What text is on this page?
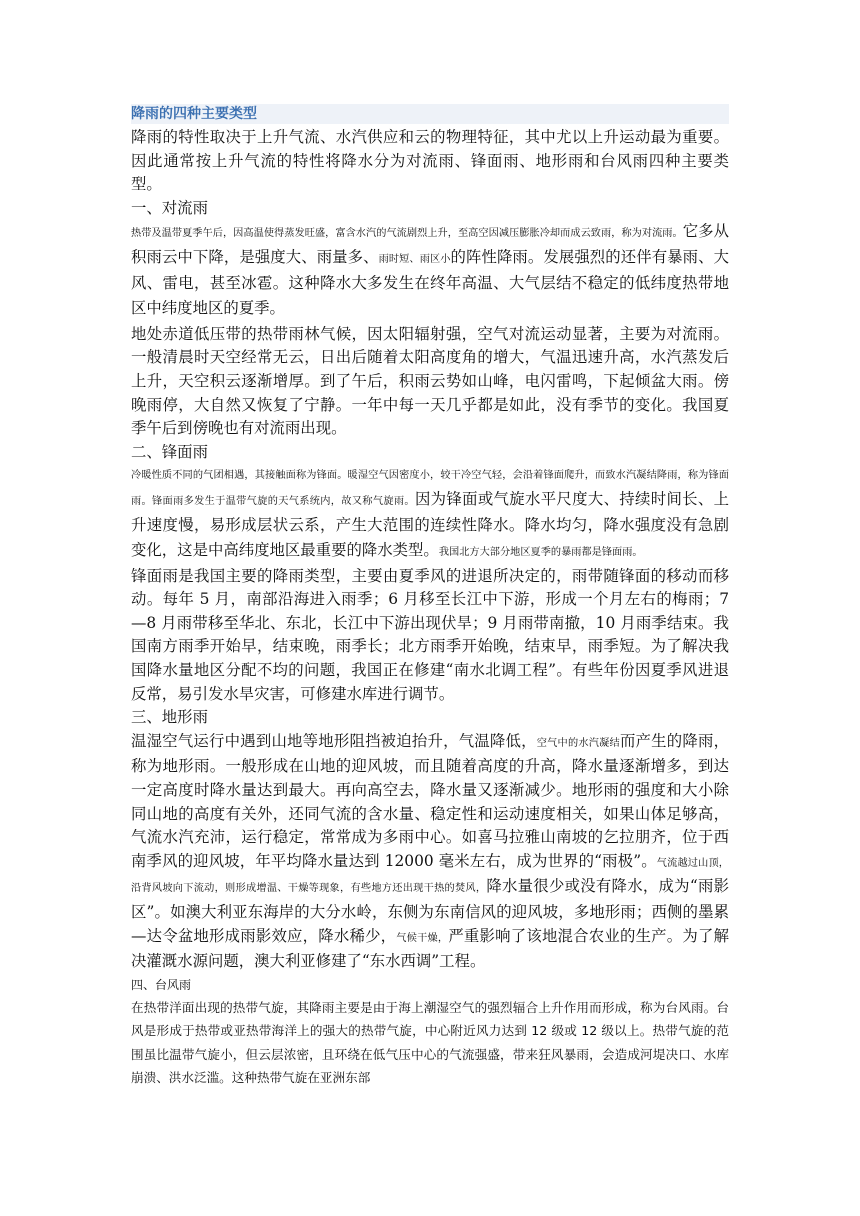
降雨的四种主要类型

降雨的特性取决于上升气流、水汽供应和云的物理特征，其中尤以上升运动最为重要。因此通常按上升气流的特性将降水分为对流雨、锋面雨、地形雨和台风雨四种主要类型。

一、对流雨

热带及温带夏季午后，因高温使得蒸发旺盛，富含水汽的气流剧烈上升，至高空因减压膨胀冷却而成云致雨，称为对流雨。它多从积雨云中下降，是强度大、雨量多、雨时短、雨区小的阵性降雨。发展强烈的还伴有暴雨、大风、雷电，甚至冰雹。这种降水大多发生在终年高温、大气层结不稳定的低纬度热带地区中纬度地区的夏季。

地处赤道低压带的热带雨林气候，因太阳辐射强，空气对流运动显著，主要为对流雨。一般清晨时天空经常无云，日出后随着太阳高度角的增大，气温迅速升高，水汽蒸发后上升，天空积云逐渐增厚。到了午后，积雨云势如山峰，电闪雷鸣，下起倾盆大雨。傍晚雨停，大自然又恢复了宁静。一年中每一天几乎都是如此，没有季节的变化。我国夏季午后到傍晚也有对流雨出现。

二、锋面雨

冷暖性质不同的气团相遇，其接触面称为锋面。暖湿空气因密度小，较干冷空气轻，会沿着锋面爬升，而致水汽凝结降雨，称为锋面雨。锋面雨多发生于温带气旋的天气系统内，故又称气旋雨。因为锋面或气旋水平尺度大、持续时间长、上升速度慢，易形成层状云系，产生大范围的连续性降水。降水均匀，降水强度没有急剧变化，这是中高纬度地区最重要的降水类型。我国北方大部分地区夏季的暴雨都是锋面雨。

锋面雨是我国主要的降雨类型，主要由夏季风的进退所决定的，雨带随锋面的移动而移动。每年 5 月，南部沿海进入雨季；6 月移至长江中下游，形成一个月左右的梅雨；7—8 月雨带移至华北、东北，长江中下游出现伏旱；9 月雨带南撤，10 月雨季结束。我国南方雨季开始早，结束晚，雨季长；北方雨季开始晚，结束早，雨季短。为了解决我国降水量地区分配不均的问题，我国正在修建“南水北调工程”。有些年份因夏季风进退反常，易引发水旱灾害，可修建水库进行调节。

三、地形雨

温湿空气运行中遇到山地等地形阻挡被迫抬升，气温降低，空气中的水汽凝结而产生的降雨，称为地形雨。一般形成在山地的迎风坡，而且随着高度的升高，降水量逐渐增多，到达一定高度时降水量达到最大。再向高空去，降水量又逐渐减少。地形雨的强度和大小除同山地的高度有关外，还同气流的含水量、稳定性和运动速度相关，如果山体足够高，气流水汽充沛，运行稳定，常常成为多雨中心。如喜马拉雅山南坡的乞拉朋齐，位于西南季风的迎风坡，年平均降水量达到 12000 毫米左右，成为世界的“雨极”。气流越过山顶，沿背风坡向下流动，则形成增温、干燥等现象，有些地方还出现干热的焚风，降水量很少或没有降水，成为“雨影区”。如澳大利亚东海岸的大分水岭，东侧为东南信风的迎风坡，多地形雨；西侧的墨累—达令盆地形成雨影效应，降水稀少，气候干燥，严重影响了该地混合农业的生产。为了解决灌溉水源问题，澳大利亚修建了“东水西调”工程。

四、台风雨

在热带洋面出现的热带气旋，其降雨主要是由于海上潮湿空气的强烈辐合上升作用而形成，称为台风雨。台风是形成于热带或亚热带海洋上的强大的热带气旋，中心附近风力达到 12 级或 12 级以上。热带气旋的范围虽比温带气旋小，但云层浓密，且环绕在低气压中心的气流强盛，带来狂风暴雨，会造成河堤决口、水库崩溃、洪水泛滥。这种热带气旋在亚洲东部
